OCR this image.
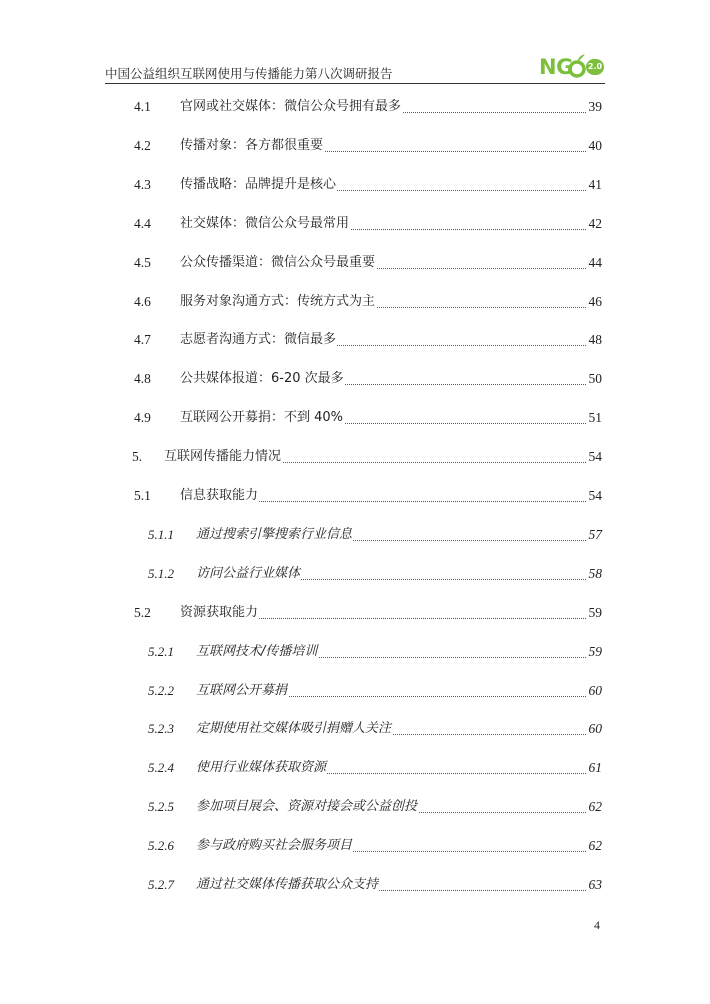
中国公益组织互联网使用与传播能力第八次调研报告	NG 2.0
4.1 官网或社交媒体：微信公众号拥有最多	39
4.2 传播对象：各方都很重要	40
4.3 传播战略：品牌提升是核心	41
4.4 社交媒体：微信公众号最常用	42
4.5 公众传播渠道：微信公众号最重要	44
4.6 服务对象沟通方式：传统方式为主	46
4.7 志愿者沟通方式：微信最多	48
4.8 公共媒体报道：6-20 次最多	50
4.9 互联网公开募捐：不到 40%	51
5. 互联网传播能力情况	54
5.1 信息获取能力	54
5.1.1 通过搜索引擎搜索行业信息	57
5.1.2 访问公益行业媒体	58
5.2 资源获取能力	59
5.2.1 互联网技术/传播培训	59
5.2.2 互联网公开募捐	60
5.2.3 定期使用社交媒体吸引捐赠人关注	60
5.2.4 使用行业媒体获取资源	61
5.2.5 参加项目展会、资源对接会或公益创投	62
5.2.6 参与政府购买社会服务项目	62
5.2.7 通过社交媒体传播获取公众支持	63
4
